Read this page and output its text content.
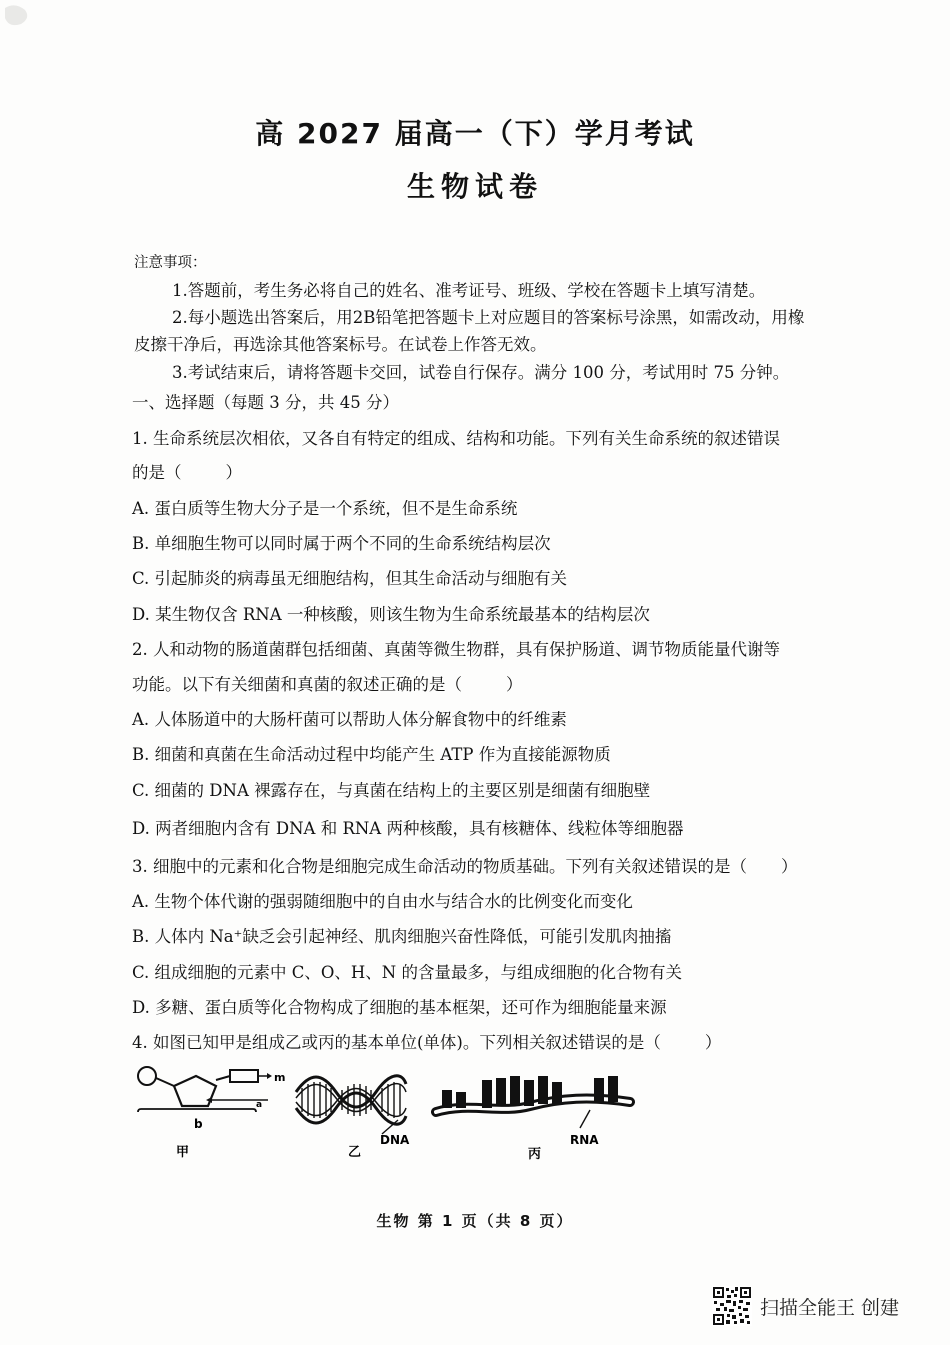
高 2027 届高一（下）学月考试
生物试卷
注意事项：
1.答题前，考生务必将自己的姓名、准考证号、班级、学校在答题卡上填写清楚。
2.每小题选出答案后，用2B铅笔把答题卡上对应题目的答案标号涂黑，如需改动，用橡
皮擦干净后，再选涂其他答案标号。在试卷上作答无效。
3.考试结束后，请将答题卡交回，试卷自行保存。满分 100 分，考试用时 75 分钟。
一、选择题（每题 3 分，共 45 分）
1. 生命系统层次相依，又各自有特定的组成、结构和功能。下列有关生命系统的叙述错误
的是（	）
A. 蛋白质等生物大分子是一个系统，但不是生命系统
B. 单细胞生物可以同时属于两个不同的生命系统结构层次
C. 引起肺炎的病毒虽无细胞结构，但其生命活动与细胞有关
D. 某生物仅含 RNA 一种核酸，则该生物为生命系统最基本的结构层次
2. 人和动物的肠道菌群包括细菌、真菌等微生物群，具有保护肠道、调节物质能量代谢等
功能。以下有关细菌和真菌的叙述正确的是（	）
A. 人体肠道中的大肠杆菌可以帮助人体分解食物中的纤维素
B. 细菌和真菌在生命活动过程中均能产生 ATP 作为直接能源物质
C. 细菌的 DNA 裸露存在，与真菌在结构上的主要区别是细菌有细胞壁
D. 两者细胞内含有 DNA 和 RNA 两种核酸，具有核糖体、线粒体等细胞器
3. 细胞中的元素和化合物是细胞完成生命活动的物质基础。下列有关叙述错误的是（ ）
A. 生物个体代谢的强弱随细胞中的自由水与结合水的比例变化而变化
B. 人体内 Na⁺缺乏会引起神经、肌肉细胞兴奋性降低，可能引发肌肉抽搐
C. 组成细胞的元素中 C、O、H、N 的含量最多，与组成细胞的化合物有关
D. 多糖、蛋白质等化合物构成了细胞的基本框架，还可作为细胞能量来源
4. 如图已知甲是组成乙或丙的基本单位(单体)。下列相关叙述错误的是（	）
m
a
b
甲
DNA
乙
RNA
丙
生物 第 1 页（共 8 页）
扫描全能王 创建
